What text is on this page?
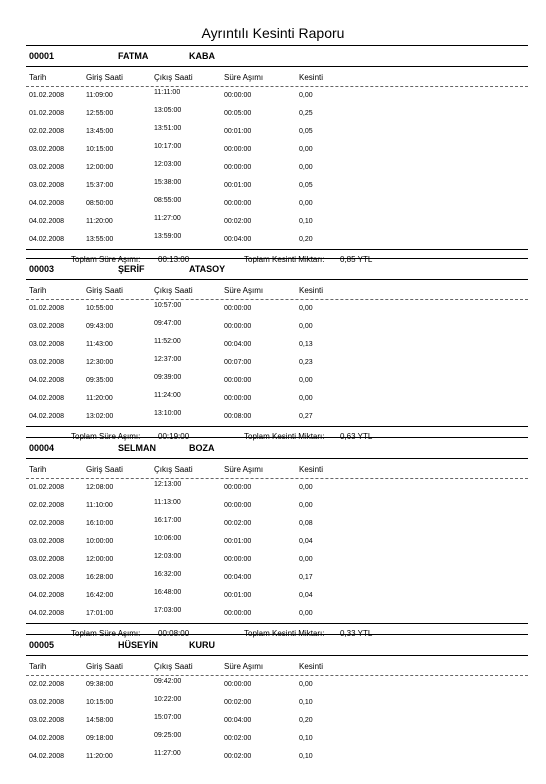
Ayrıntılı Kesinti Raporu
00001	FATMA	KABA
Tarih	Giriş Saati	Çıkış Saati	Süre Aşımı	Kesinti
01.02.2008	11:09:00	11:11:00	00:00:00	0,00
01.02.2008	12:55:00	13:05:00	00:05:00	0,25
02.02.2008	13:45:00	13:51:00	00:01:00	0,05
03.02.2008	10:15:00	10:17:00	00:00:00	0,00
03.02.2008	12:00:00	12:03:00	00:00:00	0,00
03.02.2008	15:37:00	15:38:00	00:01:00	0,05
04.02.2008	08:50:00	08:55:00	00:00:00	0,00
04.02.2008	11:20:00	11:27:00	00:02:00	0,10
04.02.2008	13:55:00	13:59:00	00:04:00	0,20
Toplam Süre Aşımı: 00:13:00	Toplam Kesinti Miktarı: 0,85 YTL
00003	ŞERİF	ATASOY
Tarih	Giriş Saati	Çıkış Saati	Süre Aşımı	Kesinti
01.02.2008	10:55:00	10:57:00	00:00:00	0,00
03.02.2008	09:43:00	09:47:00	00:00:00	0,00
03.02.2008	11:43:00	11:52:00	00:04:00	0,13
03.02.2008	12:30:00	12:37:00	00:07:00	0,23
04.02.2008	09:35:00	09:39:00	00:00:00	0,00
04.02.2008	11:20:00	11:24:00	00:00:00	0,00
04.02.2008	13:02:00	13:10:00	00:08:00	0,27
Toplam Süre Aşımı: 00:19:00	Toplam Kesinti Miktarı: 0,63 YTL
00004	SELMAN	BOZA
Tarih	Giriş Saati	Çıkış Saati	Süre Aşımı	Kesinti
01.02.2008	12:08:00	12:13:00	00:00:00	0,00
02.02.2008	11:10:00	11:13:00	00:00:00	0,00
02.02.2008	16:10:00	16:17:00	00:02:00	0,08
03.02.2008	10:00:00	10:06:00	00:01:00	0,04
03.02.2008	12:00:00	12:03:00	00:00:00	0,00
03.02.2008	16:28:00	16:32:00	00:04:00	0,17
04.02.2008	16:42:00	16:48:00	00:01:00	0,04
04.02.2008	17:01:00	17:03:00	00:00:00	0,00
Toplam Süre Aşımı: 00:08:00	Toplam Kesinti Miktarı: 0,33 YTL
00005	HÜSEYİN	KURU
Tarih	Giriş Saati	Çıkış Saati	Süre Aşımı	Kesinti
02.02.2008	09:38:00	09:42:00	00:00:00	0,00
03.02.2008	10:15:00	10:22:00	00:02:00	0,10
03.02.2008	14:58:00	15:07:00	00:04:00	0,20
04.02.2008	09:18:00	09:25:00	00:02:00	0,10
04.02.2008	11:20:00	11:27:00	00:02:00	0,10
